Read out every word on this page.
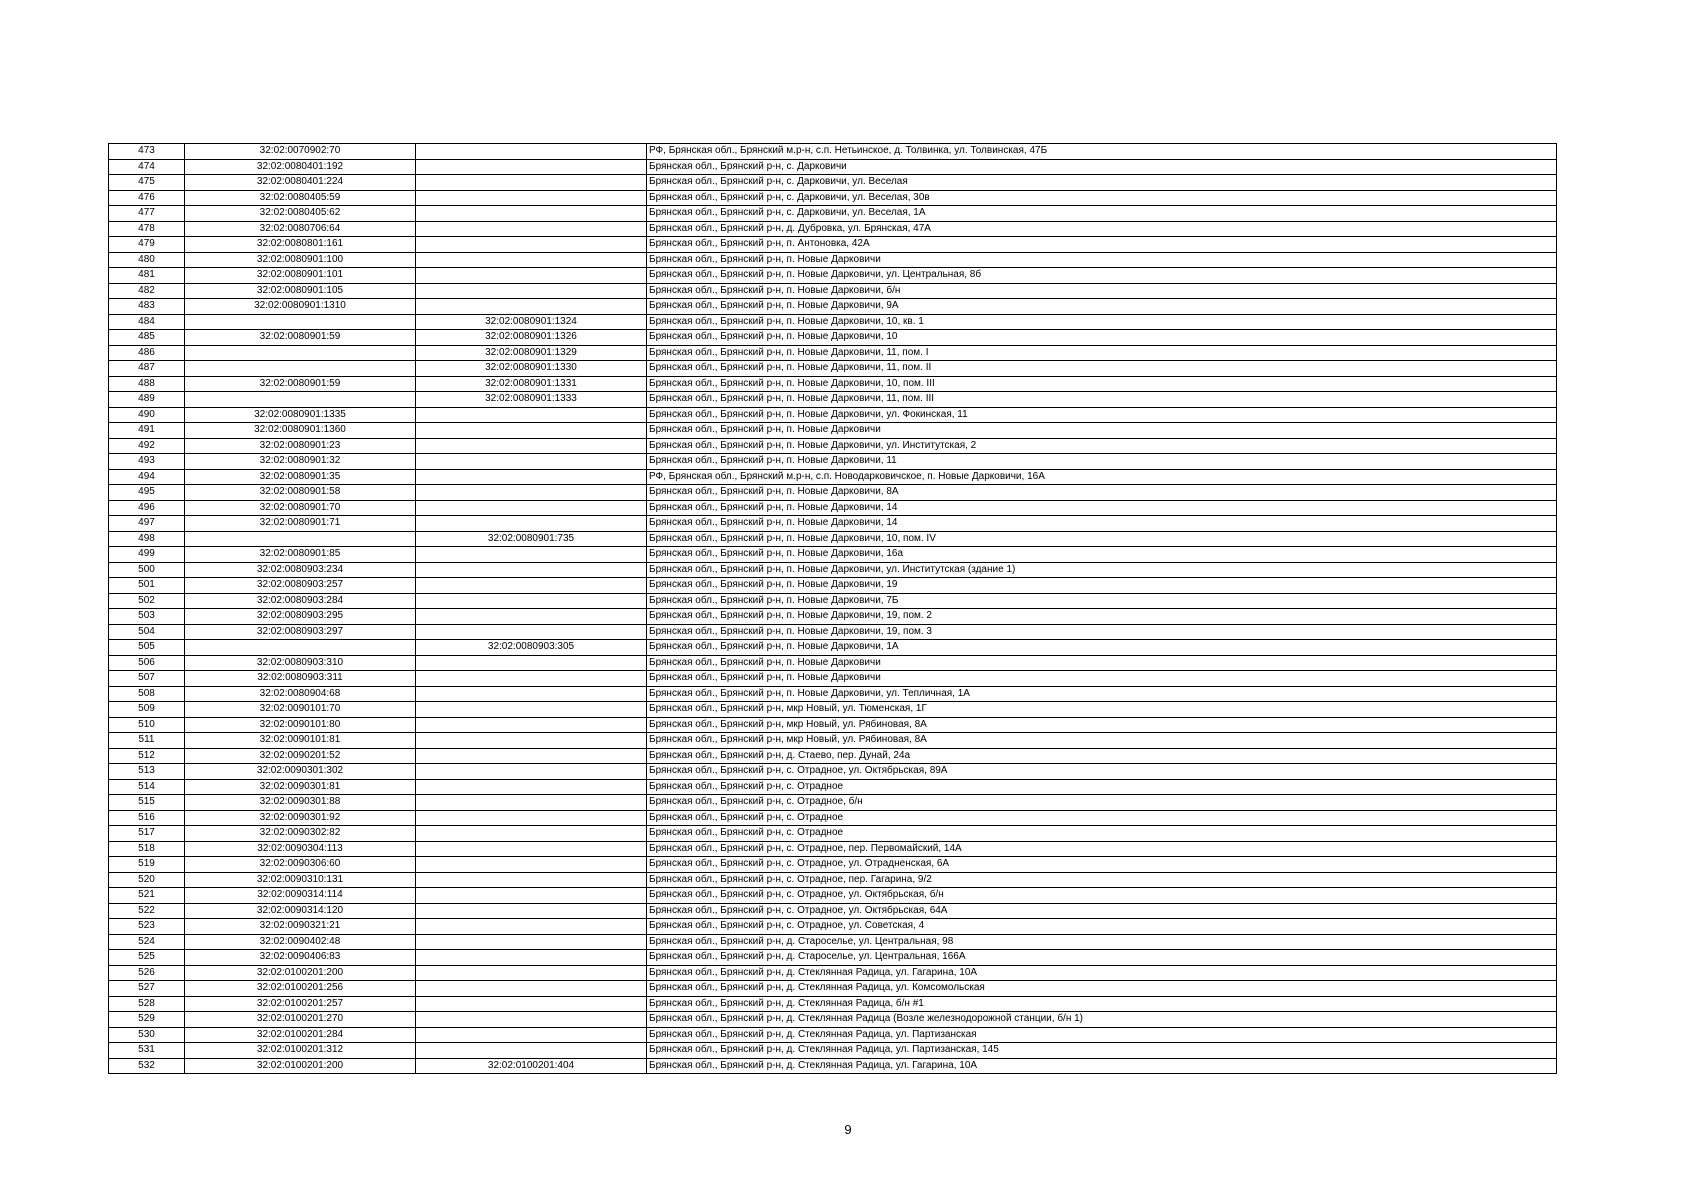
473	32:02:0070902:70		РФ, Брянская обл., Брянский м.р-н, с.п. Нетьинское, д. Толвинка, ул. Толвинская, 47Б
474	32:02:0080401:192		Брянская обл., Брянский р-н, с. Дарковичи
475	32:02:0080401:224		Брянская обл., Брянский р-н, с. Дарковичи, ул. Веселая
476	32:02:0080405:59		Брянская обл., Брянский р-н, с. Дарковичи, ул. Веселая, 30в
477	32:02:0080405:62		Брянская обл., Брянский р-н, с. Дарковичи, ул. Веселая, 1А
478	32:02:0080706:64		Брянская обл., Брянский р-н, д. Дубровка, ул. Брянская, 47А
479	32:02:0080801:161		Брянская обл., Брянский р-н, п. Антоновка, 42А
480	32:02:0080901:100		Брянская обл., Брянский р-н, п. Новые Дарковичи
481	32:02:0080901:101		Брянская обл., Брянский р-н, п. Новые Дарковичи, ул. Центральная, 8б
482	32:02:0080901:105		Брянская обл., Брянский р-н, п. Новые Дарковичи, б/н
483	32:02:0080901:1310		Брянская обл., Брянский р-н, п. Новые Дарковичи, 9А
484		32:02:0080901:1324	Брянская обл., Брянский р-н, п. Новые Дарковичи, 10, кв. 1
485	32:02:0080901:59	32:02:0080901:1326	Брянская обл., Брянский р-н, п. Новые Дарковичи, 10
486		32:02:0080901:1329	Брянская обл., Брянский р-н, п. Новые Дарковичи, 11, пом. I
487		32:02:0080901:1330	Брянская обл., Брянский р-н, п. Новые Дарковичи, 11, пом. II
488	32:02:0080901:59	32:02:0080901:1331	Брянская обл., Брянский р-н, п. Новые Дарковичи, 10, пом. III
489		32:02:0080901:1333	Брянская обл., Брянский р-н, п. Новые Дарковичи, 11, пом. III
490	32:02:0080901:1335		Брянская обл., Брянский р-н, п. Новые Дарковичи, ул. Фокинская, 11
491	32:02:0080901:1360		Брянская обл., Брянский р-н, п. Новые Дарковичи
492	32:02:0080901:23		Брянская обл., Брянский р-н, п. Новые Дарковичи, ул. Институтская, 2
493	32:02:0080901:32		Брянская обл., Брянский р-н, п. Новые Дарковичи, 11
494	32:02:0080901:35		РФ, Брянская обл., Брянский м.р-н, с.п. Новодарковичское, п. Новые Дарковичи, 16А
495	32:02:0080901:58		Брянская обл., Брянский р-н, п. Новые Дарковичи, 8А
496	32:02:0080901:70		Брянская обл., Брянский р-н, п. Новые Дарковичи, 14
497	32:02:0080901:71		Брянская обл., Брянский р-н, п. Новые Дарковичи, 14
498		32:02:0080901:735	Брянская обл., Брянский р-н, п. Новые Дарковичи, 10, пом. IV
499	32:02:0080901:85		Брянская обл., Брянский р-н, п. Новые Дарковичи, 16а
500	32:02:0080903:234		Брянская обл., Брянский р-н, п. Новые Дарковичи, ул. Институтская (здание 1)
501	32:02:0080903:257		Брянская обл., Брянский р-н, п. Новые Дарковичи, 19
502	32:02:0080903:284		Брянская обл., Брянский р-н, п. Новые Дарковичи, 7Б
503	32:02:0080903:295		Брянская обл., Брянский р-н, п. Новые Дарковичи, 19, пом. 2
504	32:02:0080903:297		Брянская обл., Брянский р-н, п. Новые Дарковичи, 19, пом. 3
505		32:02:0080903:305	Брянская обл., Брянский р-н, п. Новые Дарковичи, 1А
506	32:02:0080903:310		Брянская обл., Брянский р-н, п. Новые Дарковичи
507	32:02:0080903:311		Брянская обл., Брянский р-н, п. Новые Дарковичи
508	32:02:0080904:68		Брянская обл., Брянский р-н, п. Новые Дарковичи, ул. Тепличная, 1А
509	32:02:0090101:70		Брянская обл., Брянский р-н, мкр Новый, ул. Тюменская, 1Г
510	32:02:0090101:80		Брянская обл., Брянский р-н, мкр Новый, ул. Рябиновая, 8А
511	32:02:0090101:81		Брянская обл., Брянский р-н, мкр Новый, ул. Рябиновая, 8А
512	32:02:0090201:52		Брянская обл., Брянский р-н, д. Стаево, пер. Дунай, 24а
513	32:02:0090301:302		Брянская обл., Брянский р-н, с. Отрадное, ул. Октябрьская, 89А
514	32:02:0090301:81		Брянская обл., Брянский р-н, с. Отрадное
515	32:02:0090301:88		Брянская обл., Брянский р-н, с. Отрадное, б/н
516	32:02:0090301:92		Брянская обл., Брянский р-н, с. Отрадное
517	32:02:0090302:82		Брянская обл., Брянский р-н, с. Отрадное
518	32:02:0090304:113		Брянская обл., Брянский р-н, с. Отрадное, пер. Первомайский, 14А
519	32:02:0090306:60		Брянская обл., Брянский р-н, с. Отрадное, ул. Отрадненская, 6А
520	32:02:0090310:131		Брянская обл., Брянский р-н, с. Отрадное, пер. Гагарина, 9/2
521	32:02:0090314:114		Брянская обл., Брянский р-н, с. Отрадное, ул. Октябрьская, б/н
522	32:02:0090314:120		Брянская обл., Брянский р-н, с. Отрадное, ул. Октябрьская, 64А
523	32:02:0090321:21		Брянская обл., Брянский р-н, с. Отрадное, ул. Советская, 4
524	32:02:0090402:48		Брянская обл., Брянский р-н, д. Староселье, ул. Центральная, 98
525	32:02:0090406:83		Брянская обл., Брянский р-н, д. Староселье, ул. Центральная, 166А
526	32:02:0100201:200		Брянская обл., Брянский р-н, д. Стеклянная Радица, ул. Гагарина, 10А
527	32:02:0100201:256		Брянская обл., Брянский р-н, д. Стеклянная Радица, ул. Комсомольская
528	32:02:0100201:257		Брянская обл., Брянский р-н, д. Стеклянная Радица, б/н #1
529	32:02:0100201:270		Брянская обл., Брянский р-н, д. Стеклянная Радица (Возле железнодорожной станции, б/н 1)
530	32:02:0100201:284		Брянская обл., Брянский р-н, д. Стеклянная Радица, ул. Партизанская
531	32:02:0100201:312		Брянская обл., Брянский р-н, д. Стеклянная Радица, ул. Партизанская, 145
532	32:02:0100201:200	32:02:0100201:404	Брянская обл., Брянский р-н, д. Стеклянная Радица, ул. Гагарина, 10А
9
